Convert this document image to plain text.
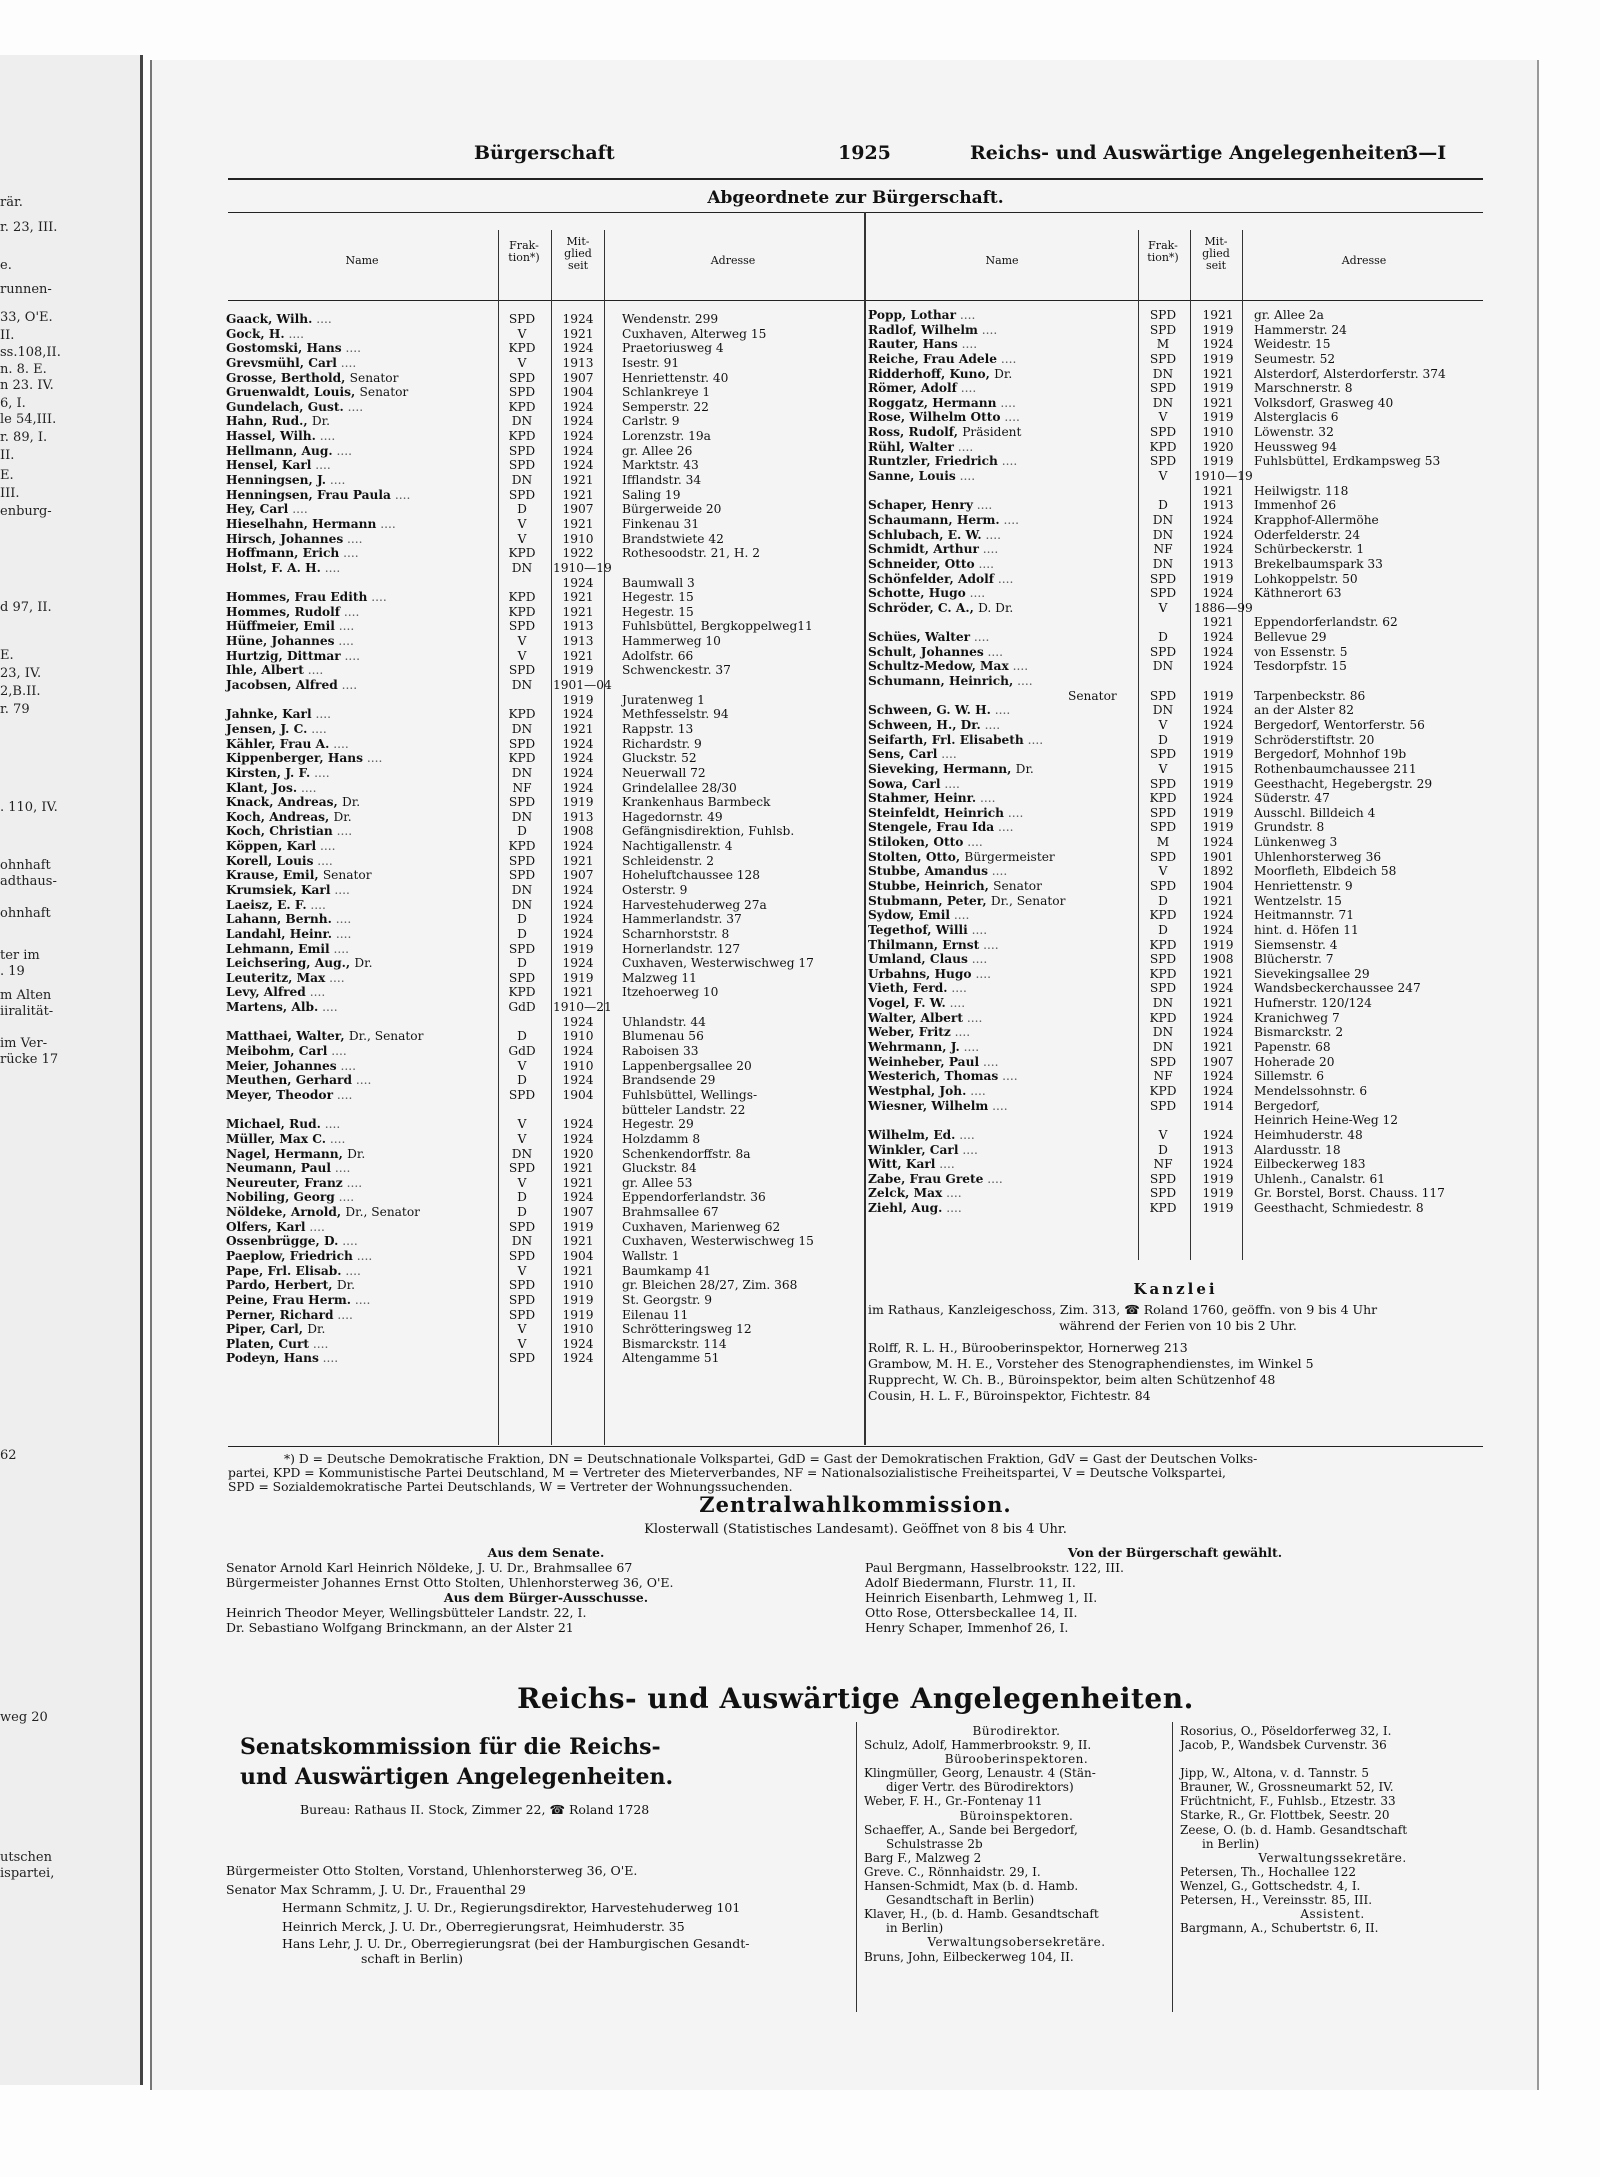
rär.
r. 23, III.
e.
runnen-
33, O'E.
II.
ss.108,II.
n. 8. E.
n 23. IV.
6, I.
le 54,III.
r. 89, I.
II.
E.
III.
enburg-
d 97, II.
E.
23, IV.
2,B.II.
r. 79
. 110, IV.
ohnhaft
adthaus-
ohnhaft
ter im
. 19
m Alten
iiralität-
im Ver-
rücke 17
62
weg 20
utschen
ispartei,
Bürgerschaft	1925	Reichs- und Auswärtige Angelegenheiten
3—I
Abgeordnete zur Bürgerschaft.
Name
Frak-
tion*)
Mit-
glied
seit	Adresse	Name
Frak-
tion*)
Mit-
glied
seit	Adresse
Gaack, Wilh. ....	SPD	1924	Wendenstr. 299
Gock, H. ....	V	1921	Cuxhaven, Alterweg 15
Gostomski, Hans ....	KPD	1924	Praetoriusweg 4
Grevsmühl, Carl ....	V	1913	Isestr. 91
Grosse, Berthold, Senator	SPD	1907	Henriettenstr. 40
Gruenwaldt, Louis, Senator	SPD	1904	Schlankreye 1
Gundelach, Gust. ....	KPD	1924	Semperstr. 22
Hahn, Rud., Dr.	DN	1924	Carlstr. 9
Hassel, Wilh. ....	KPD	1924	Lorenzstr. 19a
Hellmann, Aug. ....	SPD	1924	gr. Allee 26
Hensel, Karl ....	SPD	1924	Marktstr. 43
Henningsen, J. ....	DN	1921	Ifflandstr. 34
Henningsen, Frau Paula ....	SPD	1921	Saling 19
Hey, Carl ....	D	1907	Bürgerweide 20
Hieselhahn, Hermann ....	V	1921	Finkenau 31
Hirsch, Johannes ....	V	1910	Brandstwiete 42
Hoffmann, Erich ....	KPD	1922	Rothesoodstr. 21, H. 2
Holst, F. A. H. ....	DN	1910—19
1924	Baumwall 3
Hommes, Frau Edith ....	KPD	1921	Hegestr. 15
Hommes, Rudolf ....	KPD	1921	Hegestr. 15
Hüffmeier, Emil ....	SPD	1913	Fuhlsbüttel, Bergkoppelweg11
Hüne, Johannes ....	V	1913	Hammerweg 10
Hurtzig, Dittmar ....	V	1921	Adolfstr. 66
Ihle, Albert ....	SPD	1919	Schwenckestr. 37
Jacobsen, Alfred ....	DN	1901—04
1919	Juratenweg 1
Jahnke, Karl ....	KPD	1924	Methfesselstr. 94
Jensen, J. C. ....	DN	1921	Rappstr. 13
Kähler, Frau A. ....	SPD	1924	Richardstr. 9
Kippenberger, Hans ....	KPD	1924	Gluckstr. 52
Kirsten, J. F. ....	DN	1924	Neuerwall 72
Klant, Jos. ....	NF	1924	Grindelallee 28/30
Knack, Andreas, Dr.	SPD	1919	Krankenhaus Barmbeck
Koch, Andreas, Dr.	DN	1913	Hagedornstr. 49
Koch, Christian ....	D	1908	Gefängnisdirektion, Fuhlsb.
Köppen, Karl ....	KPD	1924	Nachtigallenstr. 4
Korell, Louis ....	SPD	1921	Schleidenstr. 2
Krause, Emil, Senator	SPD	1907	Hoheluftchaussee 128
Krumsiek, Karl ....	DN	1924	Osterstr. 9
Laeisz, E. F. ....	DN	1924	Harvestehuderweg 27a
Lahann, Bernh. ....	D	1924	Hammerlandstr. 37
Landahl, Heinr. ....	D	1924	Scharnhorststr. 8
Lehmann, Emil ....	SPD	1919	Hornerlandstr. 127
Leichsering, Aug., Dr.	D	1924	Cuxhaven, Westerwischweg 17
Leuteritz, Max ....	SPD	1919	Malzweg 11
Levy, Alfred ....	KPD	1921	Itzehoerweg 10
Martens, Alb. ....	GdD	1910—21
1924	Uhlandstr. 44
Matthaei, Walter, Dr., Senator	D	1910	Blumenau 56
Meibohm, Carl ....	GdD	1924	Raboisen 33
Meier, Johannes ....	V	1910	Lappenbergsallee 20
Meuthen, Gerhard ....	D	1924	Brandsende 29
Meyer, Theodor ....	SPD	1904	Fuhlsbüttel, Wellings-
bütteler Landstr. 22
Michael, Rud. ....	V	1924	Hegestr. 29
Müller, Max C. ....	V	1924	Holzdamm 8
Nagel, Hermann, Dr.	DN	1920	Schenkendorffstr. 8a
Neumann, Paul ....	SPD	1921	Gluckstr. 84
Neureuter, Franz ....	V	1921	gr. Allee 53
Nobiling, Georg ....	D	1924	Eppendorferlandstr. 36
Nöldeke, Arnold, Dr., Senator	D	1907	Brahmsallee 67
Olfers, Karl ....	SPD	1919	Cuxhaven, Marienweg 62
Ossenbrügge, D. ....	DN	1921	Cuxhaven, Westerwischweg 15
Paeplow, Friedrich ....	SPD	1904	Wallstr. 1
Pape, Frl. Elisab. ....	V	1921	Baumkamp 41
Pardo, Herbert, Dr.	SPD	1910	gr. Bleichen 28/27, Zim. 368
Peine, Frau Herm. ....	SPD	1919	St. Georgstr. 9
Perner, Richard ....	SPD	1919	Eilenau 11
Piper, Carl, Dr.	V	1910	Schrötteringsweg 12
Platen, Curt ....	V	1924	Bismarckstr. 114
Podeyn, Hans ....	SPD	1924	Altengamme 51
Popp, Lothar ....	SPD	1921	gr. Allee 2a
Radlof, Wilhelm ....	SPD	1919	Hammerstr. 24
Rauter, Hans ....	M	1924	Weidestr. 15
Reiche, Frau Adele ....	SPD	1919	Seumestr. 52
Ridderhoff, Kuno, Dr.	DN	1921	Alsterdorf, Alsterdorferstr. 374
Römer, Adolf ....	SPD	1919	Marschnerstr. 8
Roggatz, Hermann ....	DN	1921	Volksdorf, Grasweg 40
Rose, Wilhelm Otto ....	V	1919	Alsterglacis 6
Ross, Rudolf, Präsident	SPD	1910	Löwenstr. 32
Rühl, Walter ....	KPD	1920	Heussweg 94
Runtzler, Friedrich ....	SPD	1919	Fuhlsbüttel, Erdkampsweg 53
Sanne, Louis ....	V	1910—19
1921	Heilwigstr. 118
Schaper, Henry ....	D	1913	Immenhof 26
Schaumann, Herm. ....	DN	1924	Krapphof-Allermöhe
Schlubach, E. W. ....	DN	1924	Oderfelderstr. 24
Schmidt, Arthur ....	NF	1924	Schürbeckerstr. 1
Schneider, Otto ....	DN	1913	Brekelbaumspark 33
Schönfelder, Adolf ....	SPD	1919	Lohkoppelstr. 50
Schotte, Hugo ....	SPD	1924	Käthnerort 63
Schröder, C. A., D. Dr.	V	1886—99
1921	Eppendorferlandstr. 62
Schües, Walter ....	D	1924	Bellevue 29
Schult, Johannes ....	SPD	1924	von Essenstr. 5
Schultz-Medow, Max ....	DN	1924	Tesdorpfstr. 15
Schumann, Heinrich, ....
Senator	SPD	1919	Tarpenbeckstr. 86
Schween, G. W. H. ....	DN	1924	an der Alster 82
Schween, H., Dr. ....	V	1924	Bergedorf, Wentorferstr. 56
Seifarth, Frl. Elisabeth ....	D	1919	Schröderstiftstr. 20
Sens, Carl ....	SPD	1919	Bergedorf, Mohnhof 19b
Sieveking, Hermann, Dr.	V	1915	Rothenbaumchaussee 211
Sowa, Carl ....	SPD	1919	Geesthacht, Hegebergstr. 29
Stahmer, Heinr. ....	KPD	1924	Süderstr. 47
Steinfeldt, Heinrich ....	SPD	1919	Ausschl. Billdeich 4
Stengele, Frau Ida ....	SPD	1919	Grundstr. 8
Stiloken, Otto ....	M	1924	Lünkenweg 3
Stolten, Otto, Bürgermeister	SPD	1901	Uhlenhorsterweg 36
Stubbe, Amandus ....	V	1892	Moorfleth, Elbdeich 58
Stubbe, Heinrich, Senator	SPD	1904	Henriettenstr. 9
Stubmann, Peter, Dr., Senator	D	1921	Wentzelstr. 15
Sydow, Emil ....	KPD	1924	Heitmannstr. 71
Tegethof, Willi ....	D	1924	hint. d. Höfen 11
Thilmann, Ernst ....	KPD	1919	Siemsenstr. 4
Umland, Claus ....	SPD	1908	Blücherstr. 7
Urbahns, Hugo ....	KPD	1921	Sievekingsallee 29
Vieth, Ferd. ....	SPD	1924	Wandsbeckerchaussee 247
Vogel, F. W. ....	DN	1921	Hufnerstr. 120/124
Walter, Albert ....	KPD	1924	Kranichweg 7
Weber, Fritz ....	DN	1924	Bismarckstr. 2
Wehrmann, J. ....	DN	1921	Papenstr. 68
Weinheber, Paul ....	SPD	1907	Hoherade 20
Westerich, Thomas ....	NF	1924	Sillemstr. 6
Westphal, Joh. ....	KPD	1924	Mendelssohnstr. 6
Wiesner, Wilhelm ....	SPD	1914	Bergedorf,
Heinrich Heine-Weg 12
Wilhelm, Ed. ....	V	1924	Heimhuderstr. 48
Winkler, Carl ....	D	1913	Alardusstr. 18
Witt, Karl ....	NF	1924	Eilbeckerweg 183
Zabe, Frau Grete ....	SPD	1919	Uhlenh., Canalstr. 61
Zelck, Max ....	SPD	1919	Gr. Borstel, Borst. Chauss. 117
Ziehl, Aug. ....	KPD	1919	Geesthacht, Schmiedestr. 8
Kanzlei
im Rathaus, Kanzleigeschoss, Zim. 313, ☎ Roland 1760, geöffn. von 9 bis 4 Uhr
während der Ferien von 10 bis 2 Uhr.
Rolff, R. L. H., Bürooberinspektor, Hornerweg 213
Grambow, M. H. E., Vorsteher des Stenographendienstes, im Winkel 5
Rupprecht, W. Ch. B., Büroinspektor, beim alten Schützenhof 48
Cousin, H. L. F., Büroinspektor, Fichtestr. 84
*) D = Deutsche Demokratische Fraktion, DN = Deutschnationale Volkspartei, GdD = Gast der Demokratischen Fraktion, GdV = Gast der Deutschen Volks-
partei, KPD = Kommunistische Partei Deutschland, M = Vertreter des Mieterverbandes, NF = Nationalsozialistische Freiheitspartei, V = Deutsche Volkspartei,
SPD = Sozialdemokratische Partei Deutschlands, W = Vertreter der Wohnungssuchenden.
Zentralwahlkommission.
Klosterwall (Statistisches Landesamt). Geöffnet von 8 bis 4 Uhr.
Aus dem Senate.
Senator Arnold Karl Heinrich Nöldeke, J. U. Dr., Brahmsallee 67
Bürgermeister Johannes Ernst Otto Stolten, Uhlenhorsterweg 36, O'E.
Aus dem Bürger-Ausschusse.
Heinrich Theodor Meyer, Wellingsbütteler Landstr. 22, I.
Dr. Sebastiano Wolfgang Brinckmann, an der Alster 21
Von der Bürgerschaft gewählt.
Paul Bergmann, Hasselbrookstr. 122, III.
Adolf Biedermann, Flurstr. 11, II.
Heinrich Eisenbarth, Lehmweg 1, II.
Otto Rose, Ottersbeckallee 14, II.
Henry Schaper, Immenhof 26, I.
Reichs- und Auswärtige Angelegenheiten.
Senatskommission für die Reichs-
und Auswärtigen Angelegenheiten.
Bureau: Rathaus II. Stock, Zimmer 22, ☎ Roland 1728
Bürgermeister Otto Stolten, Vorstand, Uhlenhorsterweg 36, O'E.
Senator Max Schramm, J. U. Dr., Frauenthal 29
Hermann Schmitz, J. U. Dr., Regierungsdirektor, Harvestehuderweg 101
Heinrich Merck, J. U. Dr., Oberregierungsrat, Heimhuderstr. 35
Hans Lehr, J. U. Dr., Oberregierungsrat (bei der Hamburgischen Gesandt-
schaft in Berlin)
Bürodirektor.
Schulz, Adolf, Hammerbrookstr. 9, II.
Bürooberinspektoren.
Klingmüller, Georg, Lenaustr. 4 (Stän-
diger Vertr. des Bürodirektors)
Weber, F. H., Gr.-Fontenay 11
Büroinspektoren.
Schaeffer, A., Sande bei Bergedorf,
Schulstrasse 2b
Barg F., Malzweg 2
Greve. C., Rönnhaidstr. 29, I.
Hansen-Schmidt, Max (b. d. Hamb.
Gesandtschaft in Berlin)
Klaver, H., (b. d. Hamb. Gesandtschaft
in Berlin)
Verwaltungsobersekretäre.
Bruns, John, Eilbeckerweg 104, II.
Rosorius, O., Pöseldorferweg 32, I.
Jacob, P., Wandsbek Curvenstr. 36
Jipp, W., Altona, v. d. Tannstr. 5
Brauner, W., Grossneumarkt 52, IV.
Früchtnicht, F., Fuhlsb., Etzestr. 33
Starke, R., Gr. Flottbek, Seestr. 20
Zeese, O. (b. d. Hamb. Gesandtschaft
in Berlin)
Verwaltungssekretäre.
Petersen, Th., Hochallee 122
Wenzel, G., Gottschedstr. 4, I.
Petersen, H., Vereinsstr. 85, III.
Assistent.
Bargmann, A., Schubertstr. 6, II.
